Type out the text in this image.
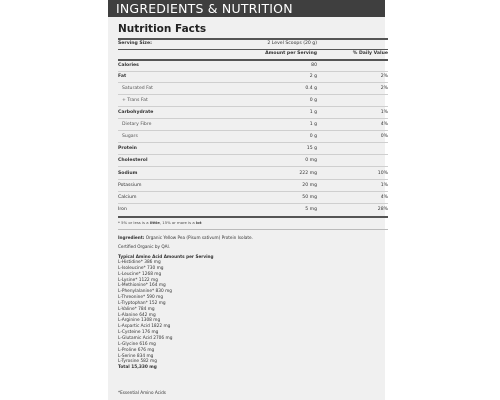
INGREDIENTS & NUTRITION
Nutrition Facts
Serving Size:	2 Level Scoops (20 g)
Amount per Serving	% Daily Value
Calories	80
Fat	2 g	2%
Saturated Fat	0.4 g	2%
+ Trans Fat	0 g
Carbohydrate	1 g	1%
Dietary Fibre	1 g	4%
Sugars	0 g	0%
Protein	15 g
Cholesterol	0 mg
Sodium	222 mg	10%
Potassium	20 mg	1%
Calcium	50 mg	4%
Iron	5 mg	28%
* 5% or less is a little, 15% or more is a lot
Ingredient: Organic Yellow Pea (Pisum sativum) Protein Isolate.
Certified Organic by QAI.
Typical Amino Acid Amounts per Serving
L-Histidine* 386 mg
L-Isoleucine* 730 mg
L-Leucine* 1268 mg
L-Lysine* 1122 mg
L-Methionine* 164 mg
L-Phenylalanine* 830 mg
L-Threonine* 590 mg
L-Tryptophan* 152 mg
L-Valine* 784 mg
L-Alanine 642 mg
L-Arginine 1308 mg
L-Aspartic Acid 1822 mg
L-Cysteine 176 mg
L-Glutamic Acid 2706 mg
L-Glycine 616 mg
L-Proline 676 mg
L-Serine 834 mg
L-Tyrosine 582 mg
Total 15,330 mg
*Essential Amino Acids
